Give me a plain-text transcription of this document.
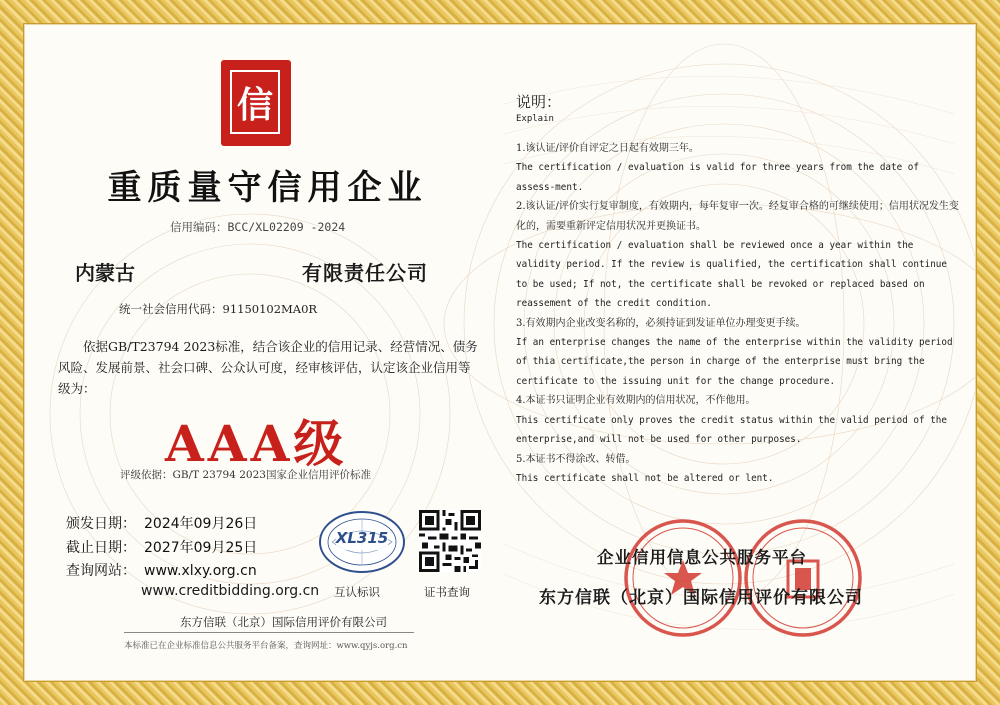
信
重质量守信用企业
信用编码：BCC/XL02209 -2024
内蒙古	有限责任公司
统一社会信用代码：91150102MA0R
依据GB/T23794 2023标准，结合该企业的信用记录、经营情况、债务风险、发展前景、社会口碑、公众认可度，经审核评估，认定该企业信用等级为：
AAA级
评级依据：GB/T 23794 2023国家企业信用评价标准
颁发日期： 2024年09月26日
截止日期： 2027年09月25日
查询网站： www.xlxy.org.cn
www.creditbidding.org.cn
XL315
互认标识	证书查询
东方信联（北京）国际信用评价有限公司
本标准已在企业标准信息公共服务平台备案，查询网址：www.qyjs.org.cn
说明：
Explain
1.该认证/评价自评定之日起有效期三年。
The certification / evaluation is valid for three years from the date of assess-ment.
2.该认证/评价实行复审制度，有效期内，每年复审一次。经复审合格的可继续使用；信用状况发生变化的，需要重新评定信用状况并更换证书。
The certification / evaluation shall be reviewed once a year within the validity period. If the review is qualified, the certification shall continue to be used; If not, the certificate shall be revoked or replaced based on reassement of the credit condition.
3.有效期内企业改变名称的，必须持证到发证单位办理变更手续。
If an enterprise changes the name of the enterprise within the validity period of thia certificate,the person in charge of the enterprise must bring the certificate to the issuing unit for the change procedure.
4.本证书只证明企业有效期内的信用状况，不作他用。
This certificate only proves the credit status within the valid period of the enterprise,and will not be used for other purposes.
5.本证书不得涂改、转借。
This certificate shall not be altered or lent.
企业信用信息公共服务平台
东方信联（北京）国际信用评价有限公司
